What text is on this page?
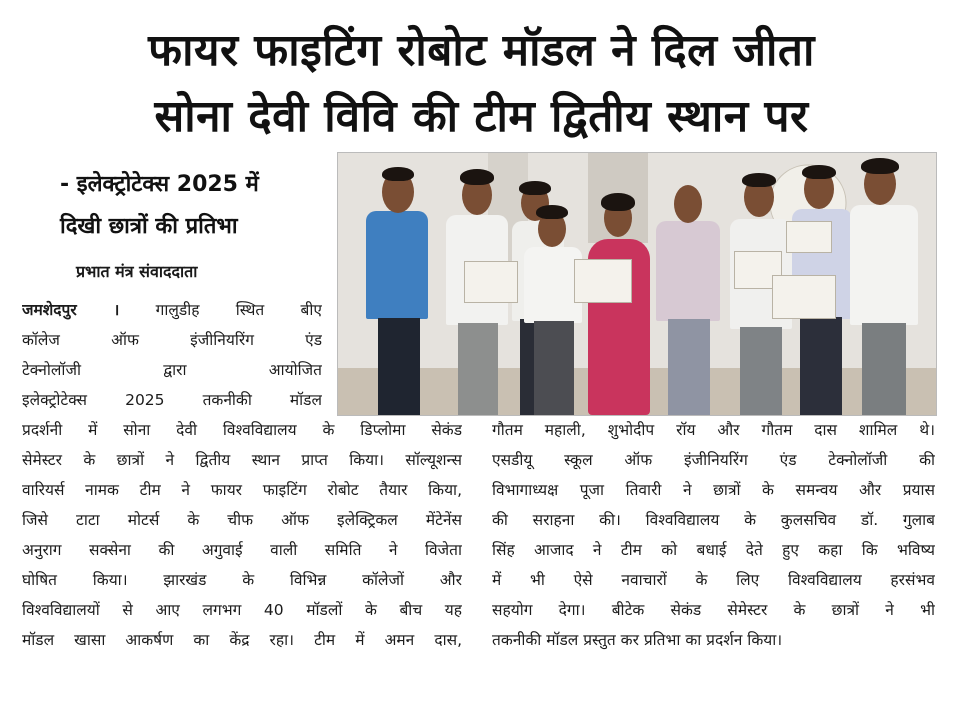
फायर फाइटिंग रोबोट मॉडल ने दिल जीता
सोना देवी विवि की टीम द्वितीय स्थान पर
- इलेक्ट्रोटेक्स 2025 में
दिखी छात्रों की प्रतिभा
प्रभात मंत्र संवाददाता
जमशेदपुर । गालुडीह स्थित बीए
कॉलेज ऑफ इंजीनियरिंग एंड
टेक्नोलॉजी द्वारा आयोजित
इलेक्ट्रोटेक्स 2025 तकनीकी मॉडल
प्रदर्शनी में सोना देवी विश्वविद्यालय के डिप्लोमा सेकंड
सेमेस्टर के छात्रों ने द्वितीय स्थान प्राप्त किया। सॉल्यूशन्स
वारियर्स नामक टीम ने फायर फाइटिंग रोबोट तैयार किया,
जिसे टाटा मोटर्स के चीफ ऑफ इलेक्ट्रिकल मेंटेनेंस
अनुराग सक्सेना की अगुवाई वाली समिति ने विजेता
घोषित किया। झारखंड के विभिन्न कॉलेजों और
विश्वविद्यालयों से आए लगभग 40 मॉडलों के बीच यह
मॉडल खासा आकर्षण का केंद्र रहा। टीम में अमन दास,
गौतम महाली, शुभोदीप रॉय और गौतम दास शामिल थे।
एसडीयू स्कूल ऑफ इंजीनियरिंग एंड टेक्नोलॉजी की
विभागाध्यक्ष पूजा तिवारी ने छात्रों के समन्वय और प्रयास
की सराहना की। विश्वविद्यालय के कुलसचिव डॉ. गुलाब
सिंह आजाद ने टीम को बधाई देते हुए कहा कि भविष्य
में भी ऐसे नवाचारों के लिए विश्वविद्यालय हरसंभव
सहयोग देगा। बीटेक सेकंड सेमेस्टर के छात्रों ने भी
तकनीकी मॉडल प्रस्तुत कर प्रतिभा का प्रदर्शन किया।
